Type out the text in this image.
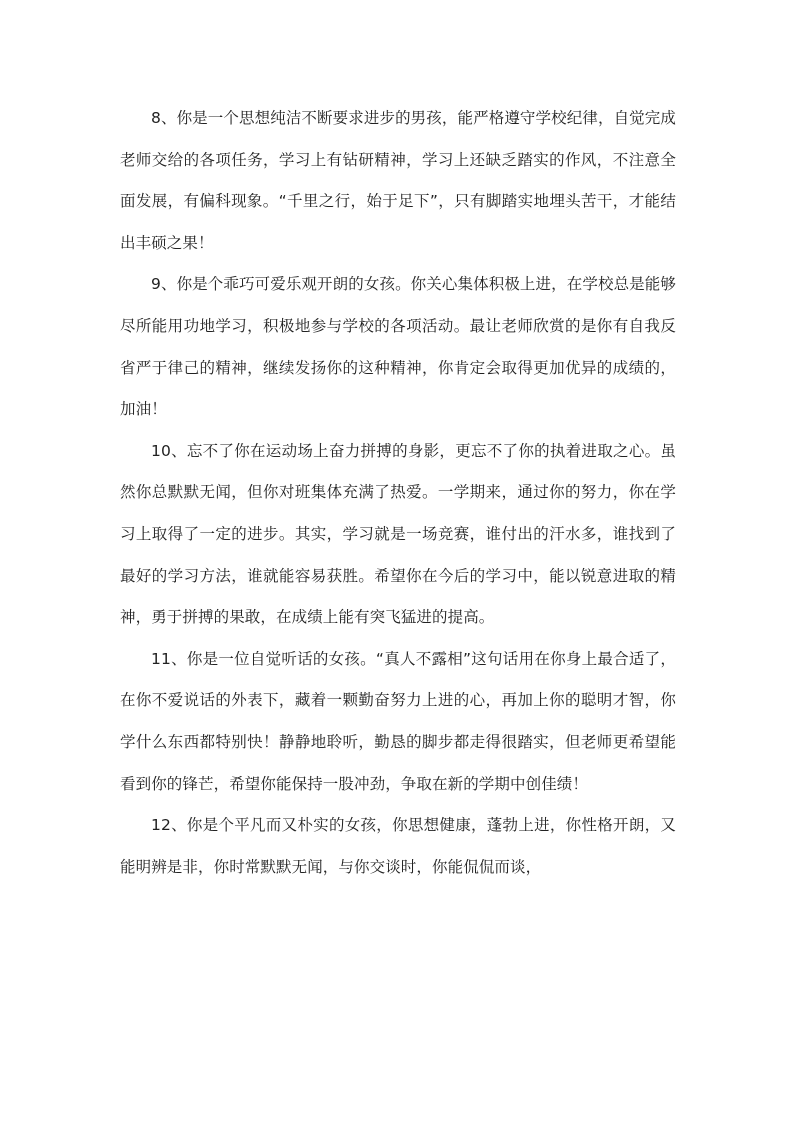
8、你是一个思想纯洁不断要求进步的男孩，能严格遵守学校纪律，自觉完成老师交给的各项任务，学习上有钻研精神，学习上还缺乏踏实的作风，不注意全面发展，有偏科现象。“千里之行，始于足下”，只有脚踏实地埋头苦干，才能结出丰硕之果！

9、你是个乖巧可爱乐观开朗的女孩。你关心集体积极上进，在学校总是能够尽所能用功地学习，积极地参与学校的各项活动。最让老师欣赏的是你有自我反省严于律己的精神，继续发扬你的这种精神，你肯定会取得更加优异的成绩的，加油！

10、忘不了你在运动场上奋力拼搏的身影，更忘不了你的执着进取之心。虽然你总默默无闻，但你对班集体充满了热爱。一学期来，通过你的努力，你在学习上取得了一定的进步。其实，学习就是一场竞赛，谁付出的汗水多，谁找到了最好的学习方法，谁就能容易获胜。希望你在今后的学习中，能以锐意进取的精神，勇于拼搏的果敢，在成绩上能有突飞猛进的提高。

11、你是一位自觉听话的女孩。“真人不露相”这句话用在你身上最合适了，在你不爱说话的外表下，藏着一颗勤奋努力上进的心，再加上你的聪明才智，你学什么东西都特别快！静静地聆听，勤恳的脚步都走得很踏实，但老师更希望能看到你的锋芒，希望你能保持一股冲劲，争取在新的学期中创佳绩！

12、你是个平凡而又朴实的女孩，你思想健康，蓬勃上进，你性格开朗，又能明辨是非，你时常默默无闻，与你交谈时，你能侃侃而谈，
